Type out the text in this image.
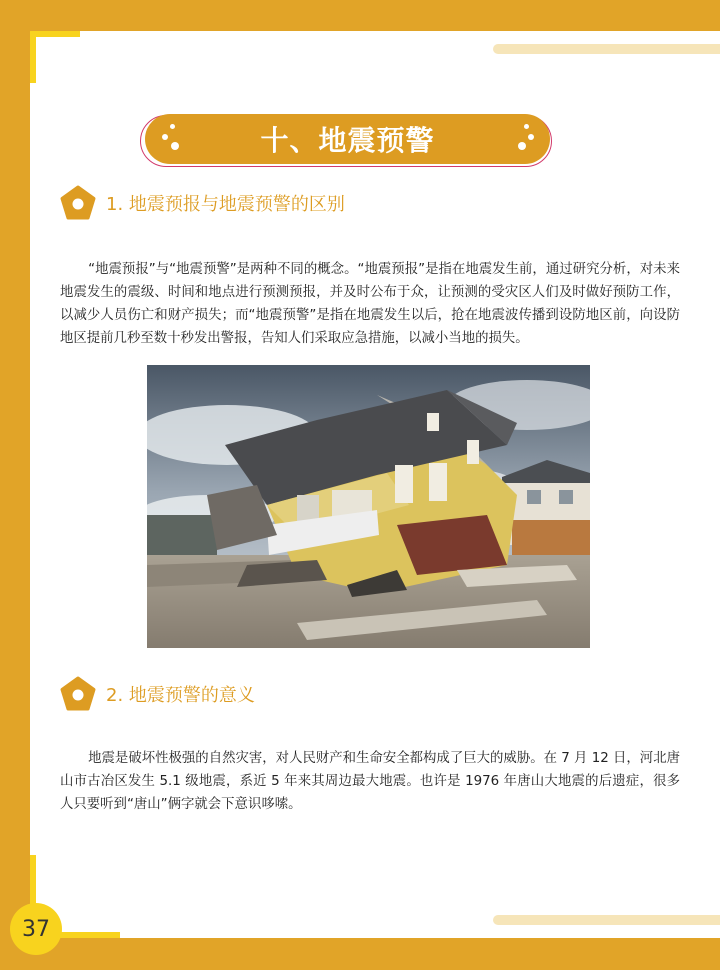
十、地震预警
1. 地震预报与地震预警的区别

“地震预报”与“地震预警”是两种不同的概念。“地震预报”是指在地震发生前，通过研究分析，对未来地震发生的震级、时间和地点进行预测预报，并及时公布于众，让预测的受灾区人们及时做好预防工作，以减少人员伤亡和财产损失；而“地震预警”是指在地震发生以后，抢在地震波传播到设防地区前，向设防地区提前几秒至数十秒发出警报，告知人们采取应急措施，以减小当地的损失。

2. 地震预警的意义

地震是破坏性极强的自然灾害，对人民财产和生命安全都构成了巨大的威胁。在 7 月 12 日，河北唐山市古冶区发生 5.1 级地震，系近 5 年来其周边最大地震。也许是 1976 年唐山大地震的后遗症，很多人只要听到“唐山”俩字就会下意识哆嗦。

37
